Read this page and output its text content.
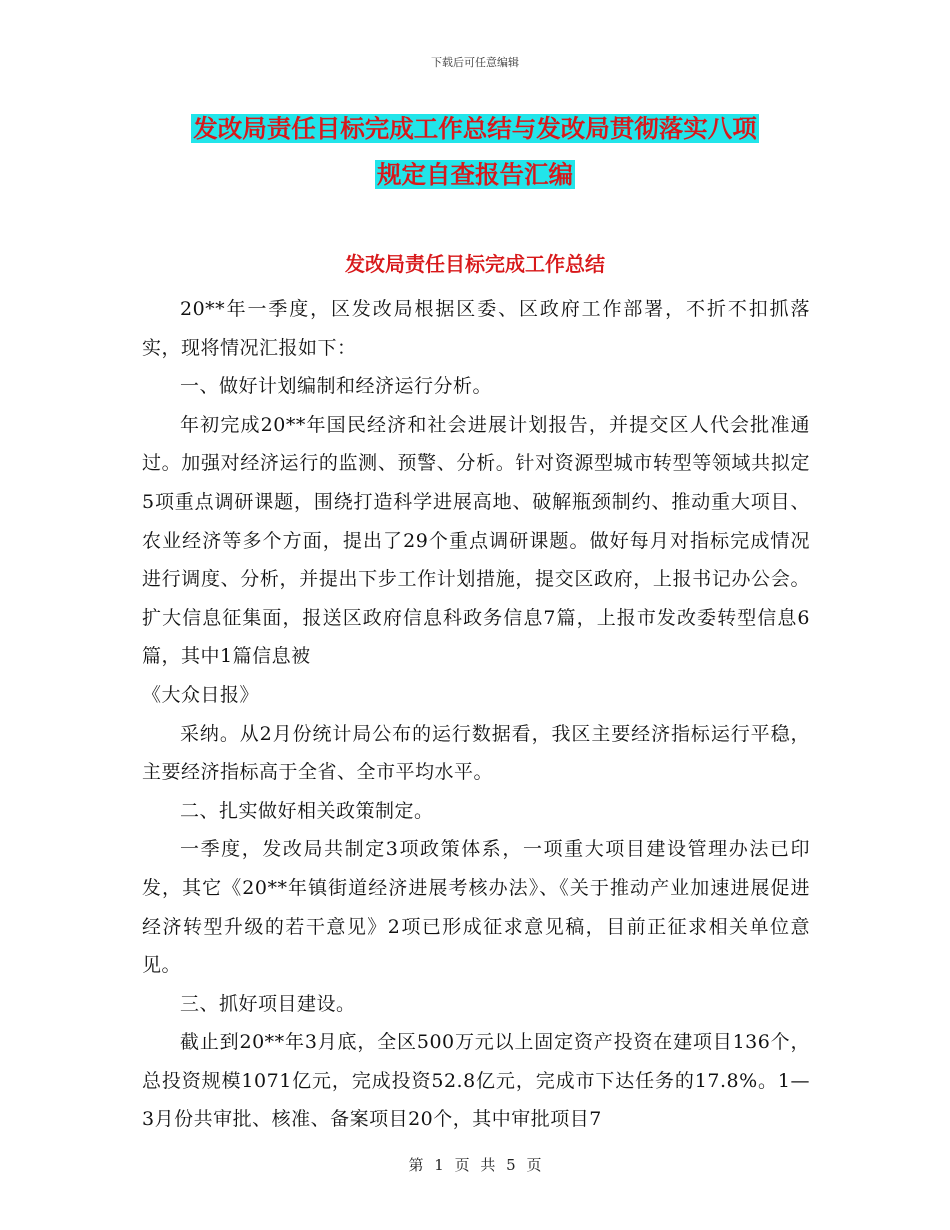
下载后可任意编辑
发改局责任目标完成工作总结与发改局贯彻落实八项
规定自查报告汇编
发改局责任目标完成工作总结

20**年一季度，区发改局根据区委、区政府工作部署，不折不扣抓落实，现将情况汇报如下：

一、做好计划编制和经济运行分析。

年初完成20**年国民经济和社会进展计划报告，并提交区人代会批准通过。加强对经济运行的监测、预警、分析。针对资源型城市转型等领域共拟定5项重点调研课题，围绕打造科学进展高地、破解瓶颈制约、推动重大项目、农业经济等多个方面，提出了29个重点调研课题。做好每月对指标完成情况进行调度、分析，并提出下步工作计划措施，提交区政府，上报书记办公会。扩大信息征集面，报送区政府信息科政务信息7篇，上报市发改委转型信息6篇，其中1篇信息被

《大众日报》

采纳。从2月份统计局公布的运行数据看，我区主要经济指标运行平稳，主要经济指标高于全省、全市平均水平。

二、扎实做好相关政策制定。

一季度，发改局共制定3项政策体系，一项重大项目建设管理办法已印发，其它《20**年镇街道经济进展考核办法》、《关于推动产业加速进展促进经济转型升级的若干意见》2项已形成征求意见稿，目前正征求相关单位意见。

三、抓好项目建设。

截止到20**年3月底，全区500万元以上固定资产投资在建项目136个，总投资规模1071亿元，完成投资52.8亿元，完成市下达任务的17.8%。1—3月份共审批、核准、备案项目20个，其中审批项目7

第 1 页 共 5 页
